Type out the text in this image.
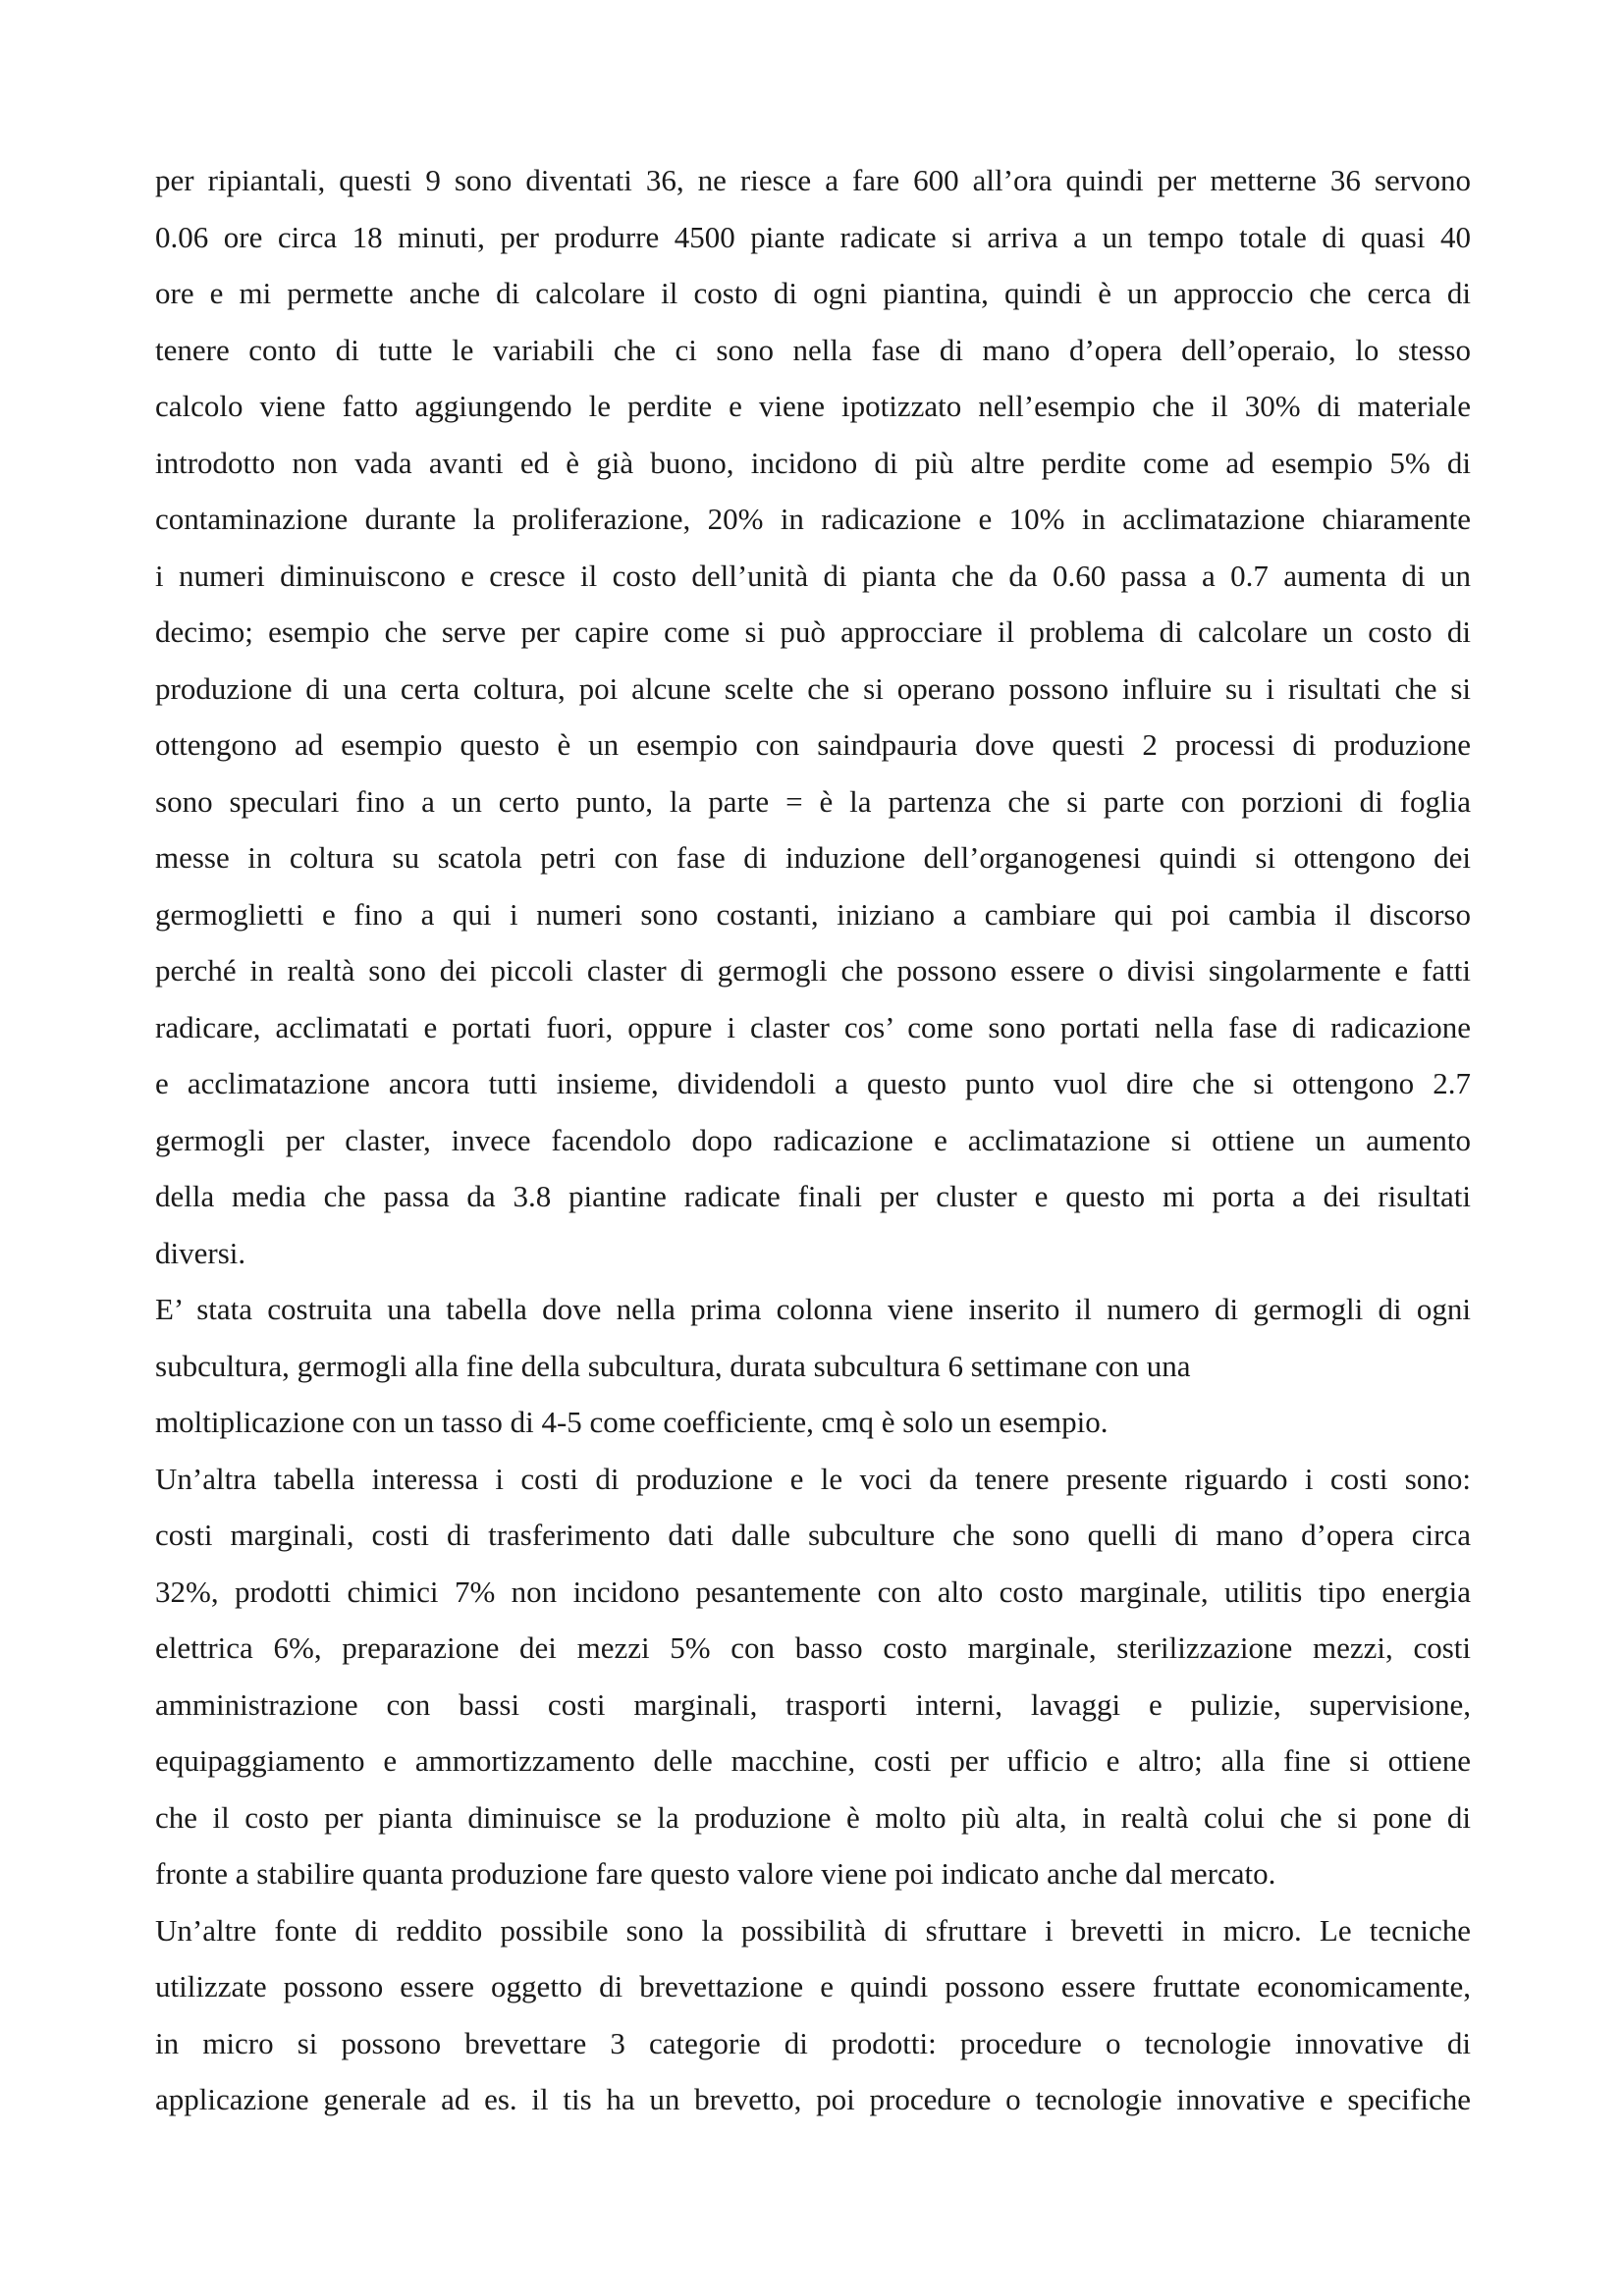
per ripiantali, questi 9 sono diventati 36, ne riesce a fare 600 all’ora quindi per metterne 36 servono
0.06 ore circa 18 minuti, per produrre 4500 piante radicate si arriva a un tempo totale di quasi 40
ore e mi permette anche di calcolare il costo di ogni piantina, quindi è un approccio che cerca di
tenere conto di tutte le variabili che ci sono nella fase di mano d’opera dell’operaio, lo stesso
calcolo viene fatto aggiungendo le perdite e viene ipotizzato nell’esempio che il 30% di materiale
introdotto non vada avanti ed è già buono, incidono di più altre perdite come ad esempio 5% di
contaminazione durante la proliferazione, 20% in radicazione e 10% in acclimatazione chiaramente
i numeri diminuiscono e cresce il costo dell’unità di pianta che da 0.60 passa a 0.7 aumenta di un
decimo; esempio che serve per capire come si può approcciare il problema di calcolare un costo di
produzione di una certa coltura, poi alcune scelte che si operano possono influire su i risultati che si
ottengono ad esempio questo è un esempio con saindpauria dove questi 2 processi di produzione
sono speculari fino a un certo punto, la parte = è la partenza che si parte con porzioni di foglia
messe in coltura su scatola petri con fase di induzione dell’organogenesi quindi si ottengono dei
germoglietti e fino a qui i numeri sono costanti, iniziano a cambiare qui poi cambia il discorso
perché in realtà sono dei piccoli claster di germogli che possono essere o divisi singolarmente e fatti
radicare, acclimatati e portati fuori, oppure i claster cos’ come sono portati nella fase di radicazione
e acclimatazione ancora tutti insieme, dividendoli a questo punto vuol dire che si ottengono 2.7
germogli per claster, invece facendolo dopo radicazione e acclimatazione si ottiene un aumento
della media che passa da 3.8 piantine radicate finali per cluster e questo mi porta a dei risultati
diversi.
E’ stata costruita una tabella dove nella prima colonna viene inserito il numero di germogli di ogni
subcultura, germogli alla fine della subcultura, durata subcultura 6 settimane con una
moltiplicazione con un tasso di 4-5 come coefficiente, cmq è solo un esempio.
Un’altra tabella interessa i costi di produzione e le voci da tenere presente riguardo i costi sono:
costi marginali, costi di trasferimento dati dalle subculture che sono quelli di mano d’opera circa
32%, prodotti chimici 7% non incidono pesantemente con alto costo marginale, utilitis tipo energia
elettrica 6%, preparazione dei mezzi 5% con basso costo marginale, sterilizzazione mezzi, costi
amministrazione con bassi costi marginali, trasporti interni, lavaggi e pulizie, supervisione,
equipaggiamento e ammortizzamento delle macchine, costi per ufficio e altro; alla fine si ottiene
che il costo per pianta diminuisce se la produzione è molto più alta, in realtà colui che si pone di
fronte a stabilire quanta produzione fare questo valore viene poi indicato anche dal mercato.
Un’altre fonte di reddito possibile sono la possibilità di sfruttare i brevetti in micro. Le tecniche
utilizzate possono essere oggetto di brevettazione e quindi possono essere fruttate economicamente,
in micro si possono brevettare 3 categorie di prodotti: procedure o tecnologie innovative di
applicazione generale ad es. il tis ha un brevetto, poi procedure o tecnologie innovative e specifiche
